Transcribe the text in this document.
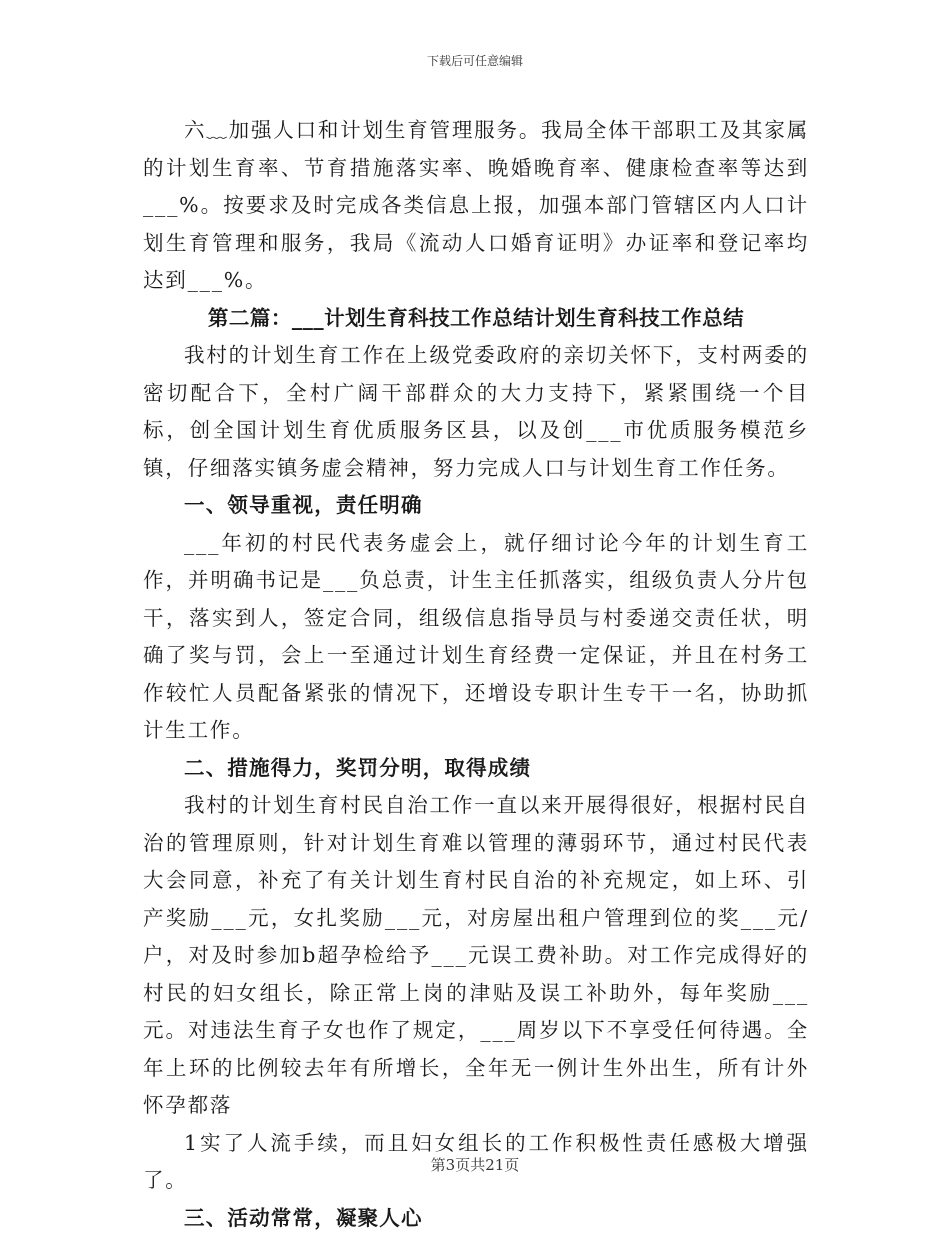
下载后可任意编辑

六﹏加强人口和计划生育管理服务。我局全体干部职工及其家属的计划生育率、节育措施落实率、晚婚晚育率、健康检查率等达到___%。按要求及时完成各类信息上报，加强本部门管辖区内人口计划生育管理和服务，我局《流动人口婚育证明》办证率和登记率均达到___%。

第二篇：___计划生育科技工作总结计划生育科技工作总结

我村的计划生育工作在上级党委政府的亲切关怀下，支村两委的密切配合下，全村广阔干部群众的大力支持下，紧紧围绕一个目标，创全国计划生育优质服务区县，以及创___市优质服务模范乡镇，仔细落实镇务虚会精神，努力完成人口与计划生育工作任务。

一、领导重视，责任明确

___年初的村民代表务虚会上，就仔细讨论今年的计划生育工作，并明确书记是___负总责，计生主任抓落实，组级负责人分片包干，落实到人，签定合同，组级信息指导员与村委递交责任状，明确了奖与罚，会上一至通过计划生育经费一定保证，并且在村务工作较忙人员配备紧张的情况下，还增设专职计生专干一名，协助抓计生工作。

二、措施得力，奖罚分明，取得成绩

我村的计划生育村民自治工作一直以来开展得很好，根据村民自治的管理原则，针对计划生育难以管理的薄弱环节，通过村民代表大会同意，补充了有关计划生育村民自治的补充规定，如上环、引产奖励___元，女扎奖励___元，对房屋出租户管理到位的奖___元/户，对及时参加b超孕检给予___元误工费补助。对工作完成得好的村民的妇女组长，除正常上岗的津贴及误工补助外，每年奖励___元。对违法生育子女也作了规定，___周岁以下不享受任何待遇。全年上环的比例较去年有所增长，全年无一例计生外出生，所有计外怀孕都落

1实了人流手续，而且妇女组长的工作积极性责任感极大增强了。

三、活动常常，凝聚人心

第3页共21页
